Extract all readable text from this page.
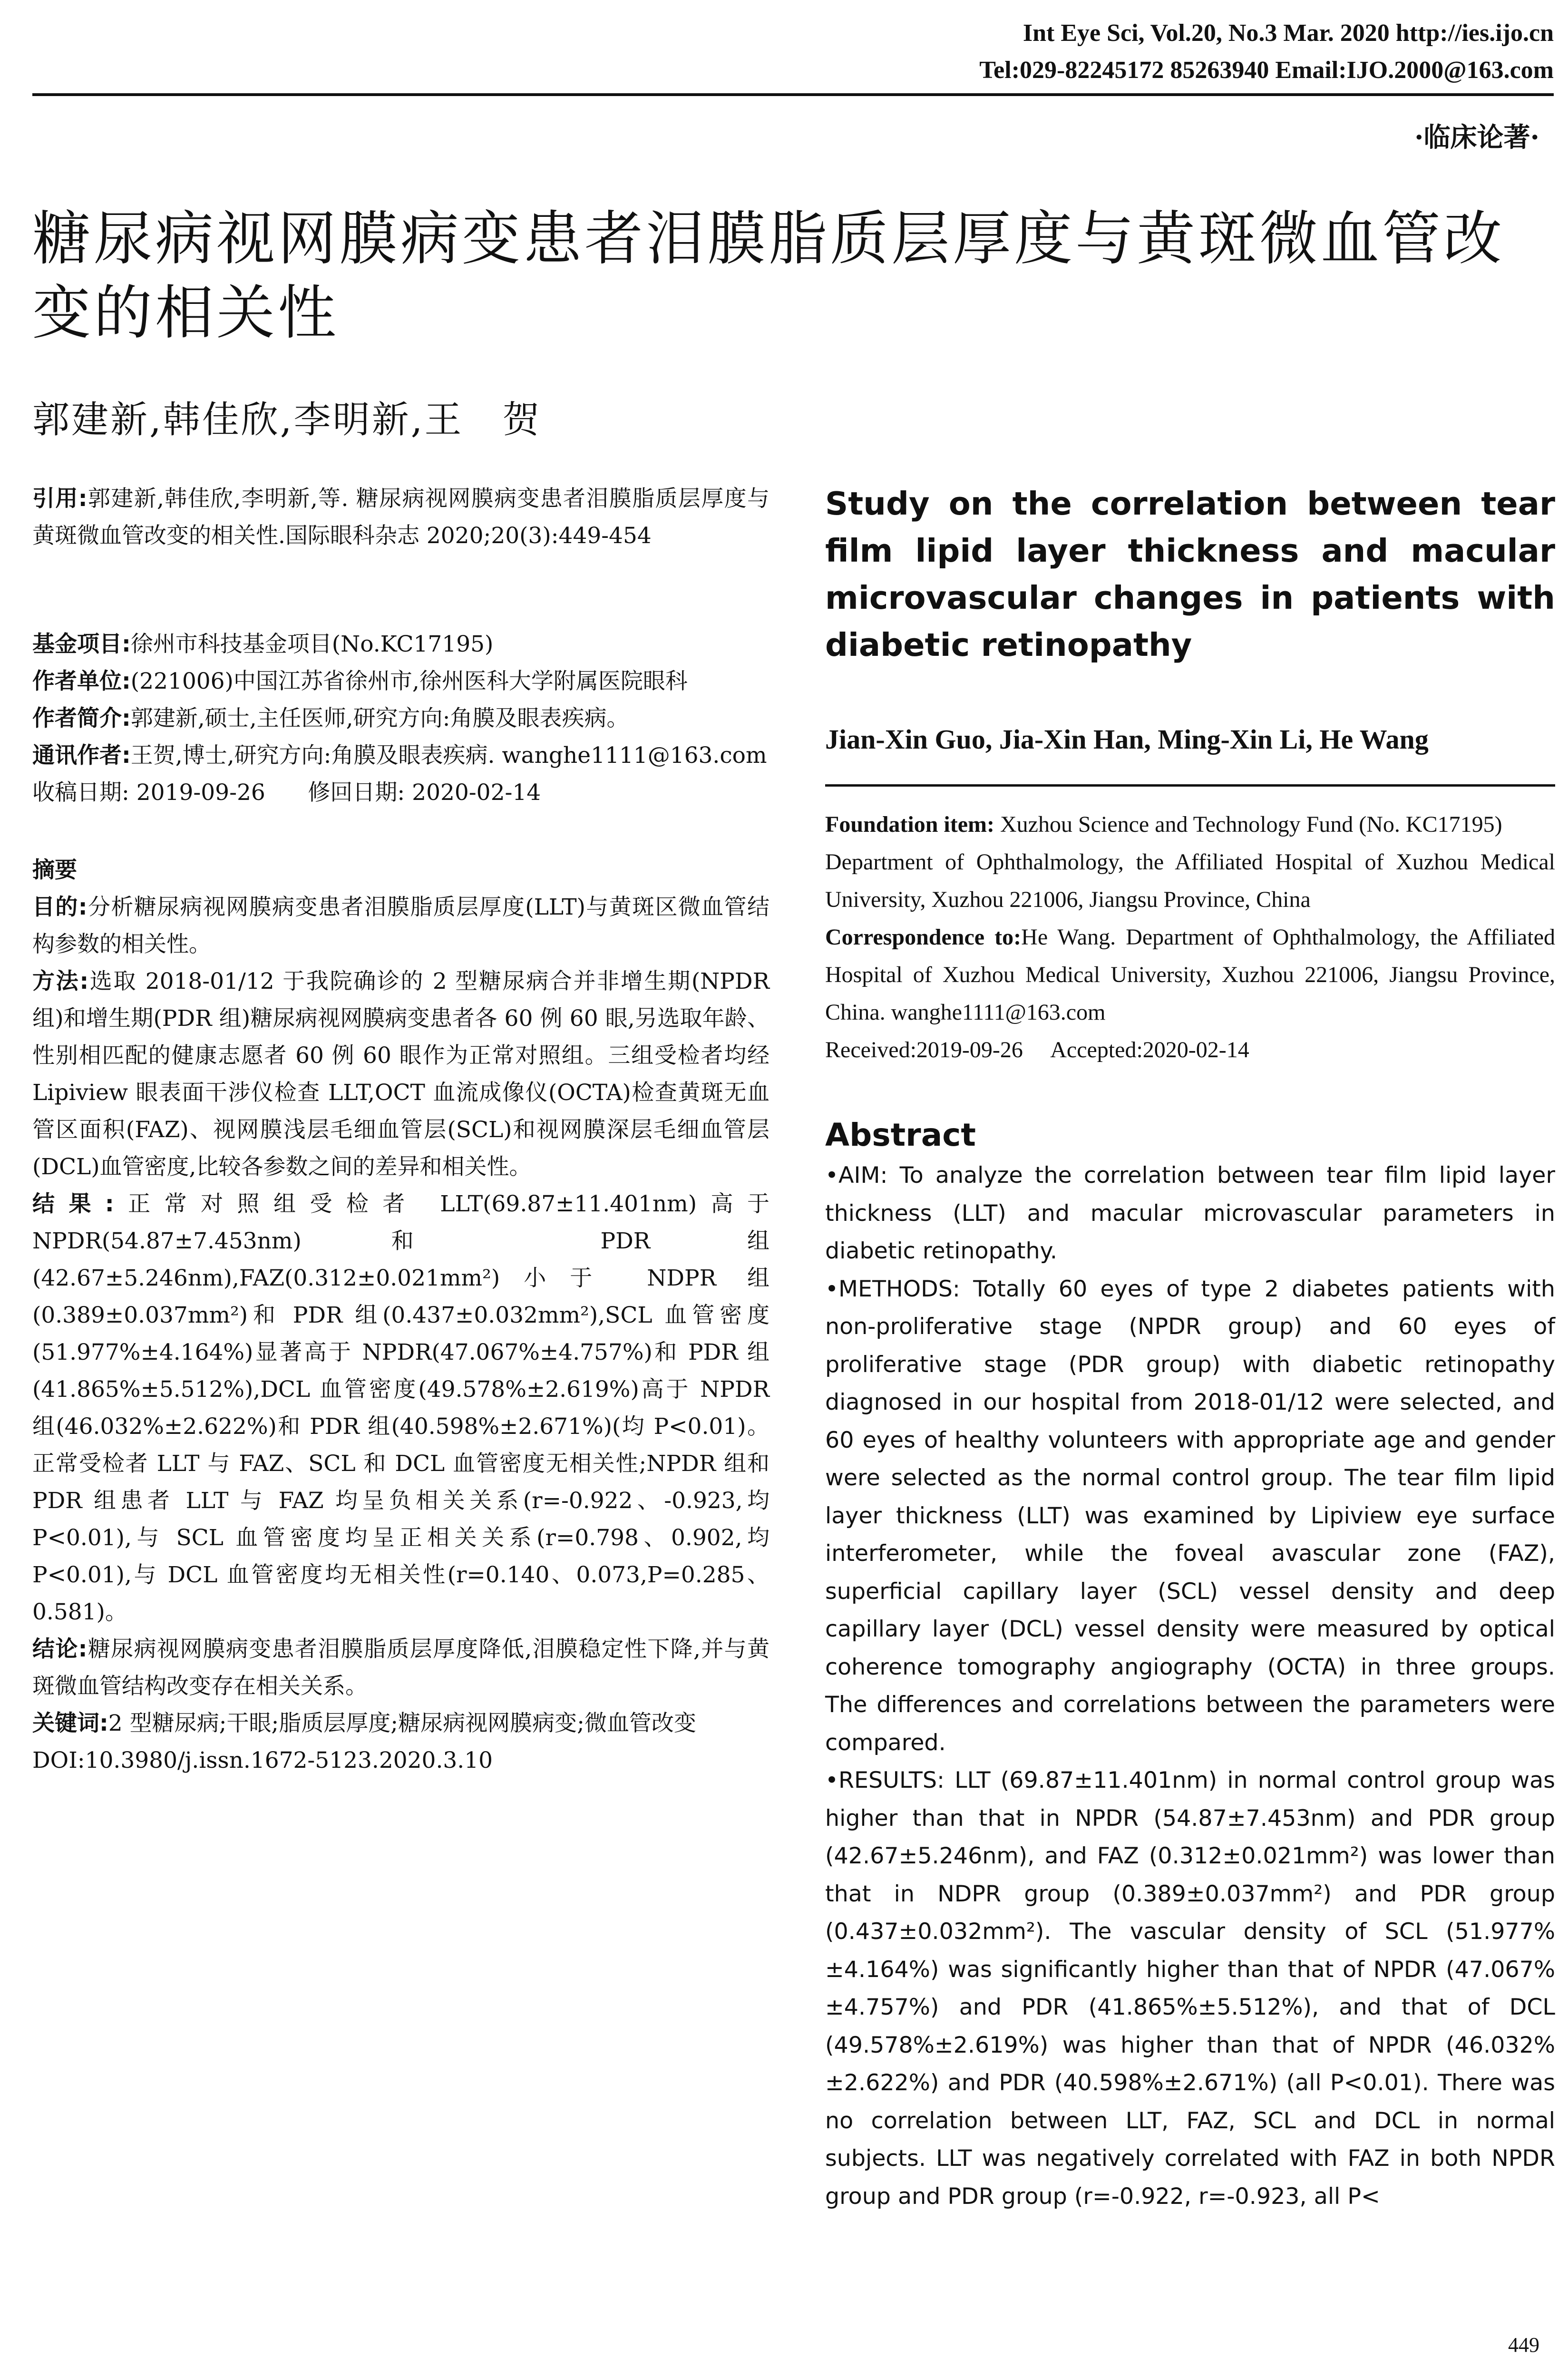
Int Eye Sci, Vol.20, No.3 Mar. 2020 http://ies.ijo.cn
Tel:029-82245172 85263940 Email:IJO.2000@163.com
·临床论著·
糖尿病视网膜病变患者泪膜脂质层厚度与黄斑微血管改变的相关性
郭建新,韩佳欣,李明新,王　贺

引用:郭建新,韩佳欣,李明新,等. 糖尿病视网膜病变患者泪膜脂质层厚度与黄斑微血管改变的相关性.国际眼科杂志 2020;20(3):449-454

基金项目:徐州市科技基金项目(No.KC17195)

作者单位:(221006)中国江苏省徐州市,徐州医科大学附属医院眼科

作者简介:郭建新,硕士,主任医师,研究方向:角膜及眼表疾病。

通讯作者:王贺,博士,研究方向:角膜及眼表疾病. wanghe1111@163.com

收稿日期: 2019-09-26      修回日期: 2020-02-14

摘要

目的:分析糖尿病视网膜病变患者泪膜脂质层厚度(LLT)与黄斑区微血管结构参数的相关性。

方法:选取 2018-01/12 于我院确诊的 2 型糖尿病合并非增生期(NPDR 组)和增生期(PDR 组)糖尿病视网膜病变患者各 60 例 60 眼,另选取年龄、性别相匹配的健康志愿者 60 例 60 眼作为正常对照组。三组受检者均经 Lipiview 眼表面干涉仪检查 LLT,OCT 血流成像仪(OCTA)检查黄斑无血管区面积(FAZ)、视网膜浅层毛细血管层(SCL)和视网膜深层毛细血管层(DCL)血管密度,比较各参数之间的差异和相关性。

结果:正常对照组受检者 LLT(69.87±11.401nm)高于 NPDR(54.87±7.453nm)和 PDR 组(42.67±5.246nm),FAZ(0.312±0.021mm²)小于 NDPR 组(0.389±0.037mm²)和 PDR 组(0.437±0.032mm²),SCL 血管密度(51.977%±4.164%)显著高于 NPDR(47.067%±4.757%)和 PDR 组(41.865%±5.512%),DCL 血管密度(49.578%±2.619%)高于 NPDR 组(46.032%±2.622%)和 PDR 组(40.598%±2.671%)(均 P<0.01)。正常受检者 LLT 与 FAZ、SCL 和 DCL 血管密度无相关性;NPDR 组和 PDR 组患者 LLT 与 FAZ 均呈负相关关系(r=-0.922、-0.923,均 P<0.01),与 SCL 血管密度均呈正相关关系(r=0.798、0.902,均 P<0.01),与 DCL 血管密度均无相关性(r=0.140、0.073,P=0.285、0.581)。

结论:糖尿病视网膜病变患者泪膜脂质层厚度降低,泪膜稳定性下降,并与黄斑微血管结构改变存在相关关系。

关键词:2 型糖尿病;干眼;脂质层厚度;糖尿病视网膜病变;微血管改变

DOI:10.3980/j.issn.1672-5123.2020.3.10

Study on the correlation between tear film lipid layer thickness and macular microvascular changes in patients with diabetic retinopathy

Jian-Xin Guo, Jia-Xin Han, Ming-Xin Li, He Wang

Foundation item: Xuzhou Science and Technology Fund (No. KC17195)

Department of Ophthalmology, the Affiliated Hospital of Xuzhou Medical University, Xuzhou 221006, Jiangsu Province, China

Correspondence to:He Wang. Department of Ophthalmology, the Affiliated Hospital of Xuzhou Medical University, Xuzhou 221006, Jiangsu Province, China. wanghe1111@163.com

Received:2019-09-26     Accepted:2020-02-14

Abstract

•AIM: To analyze the correlation between tear film lipid layer thickness (LLT) and macular microvascular parameters in diabetic retinopathy.

•METHODS: Totally 60 eyes of type 2 diabetes patients with non-proliferative stage (NPDR group) and 60 eyes of proliferative stage (PDR group) with diabetic retinopathy diagnosed in our hospital from 2018-01/12 were selected, and 60 eyes of healthy volunteers with appropriate age and gender were selected as the normal control group. The tear film lipid layer thickness (LLT) was examined by Lipiview eye surface interferometer, while the foveal avascular zone (FAZ), superficial capillary layer (SCL) vessel density and deep capillary layer (DCL) vessel density were measured by optical coherence tomography angiography (OCTA) in three groups. The differences and correlations between the parameters were compared.

•RESULTS: LLT (69.87±11.401nm) in normal control group was higher than that in NPDR (54.87±7.453nm) and PDR group (42.67±5.246nm), and FAZ (0.312±0.021mm²) was lower than that in NDPR group (0.389±0.037mm²) and PDR group (0.437±0.032mm²). The vascular density of SCL (51.977%±4.164%) was significantly higher than that of NPDR (47.067%±4.757%) and PDR (41.865%±5.512%), and that of DCL (49.578%±2.619%) was higher than that of NPDR (46.032%±2.622%) and PDR (40.598%±2.671%) (all P<0.01). There was no correlation between LLT, FAZ, SCL and DCL in normal subjects. LLT was negatively correlated with FAZ in both NPDR group and PDR group (r=-0.922, r=-0.923, all P<

449
